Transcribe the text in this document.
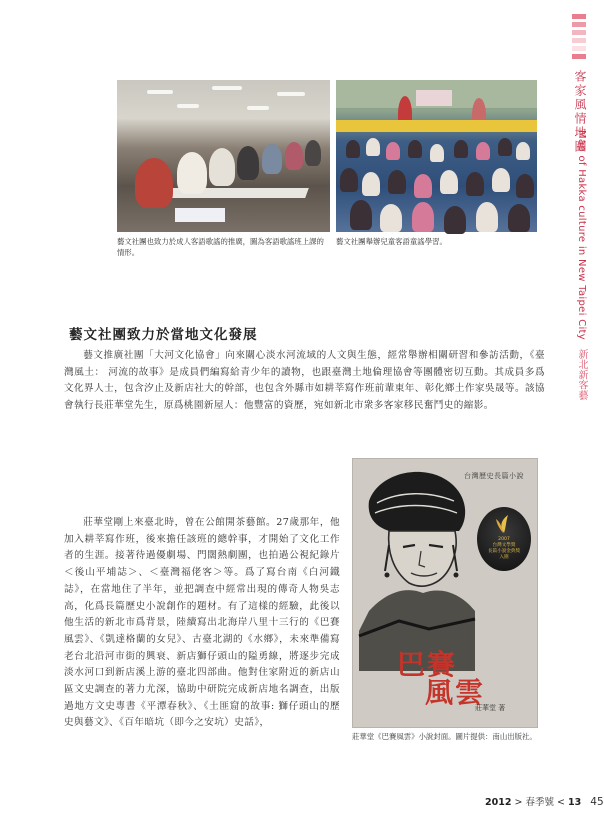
客家風情地圖
Map of Hakka culture in New Taipei City 新北新客藝
藝文社團也致力於成人客語歌謠的推廣，圖為客語歌謠班上課的情形。
藝文社團舉辦兒童客語童謠學習。
藝文社團致力於當地文化發展

藝文推廣社團「大河文化協會」向來關心淡水河流域的人文與生態，經常舉辦相關研習和參訪活動，《臺灣風土： 河流的故事》是成員們編寫給青少年的讀物，也跟臺灣土地倫理協會等團體密切互動。其成員多爲文化界人士，包含汐止及新店社大的幹部，也包含外縣市如耕莘寫作班前輩東年、彰化鄉土作家吳晟等。該協會執行長莊華堂先生，原爲桃園新屋人：他豐富的資歷，宛如新北市衆多客家移民奮鬥史的縮影。

莊華堂剛上來臺北時，曾在公館開茶藝館。27歲那年，他加入耕莘寫作班，後來擔任該班的總幹事，才開始了文化工作者的生涯。接著待過優劇場、門闊熱劇團，也拍過公視紀錄片＜後山平埔誌＞、＜臺灣福佬客＞等。爲了寫台南《白河鐵誌》，在當地住了半年，並把調查中經常出現的傳奇人物吳志高，化爲長篇歷史小說創作的題材。有了這樣的經驗，此後以他生活的新北市爲背景，陸續寫出北海岸八里十三行的《巴賽風雲》、《凱達格蘭的女兒》、古臺北湖的《水鄉》，未來準備寫老台北沿河市街的興衰、新店獅仔頭山的隘勇線，將逐步完成淡水河口到新店溪上游的臺北四部曲。他對住家附近的新店山區文史調查的著力尤深，協助中研院完成新店地名調查，出版過地方文史專書《平潭春秋》、《土匪窟的故事: 獅仔頭山的歷史與藝文》、《百年暗坑（即今之安坑）史話》，

台灣歷史長篇小說
2007
台灣文學獎
長篇小說金典獎
入圍
巴賽
風雲
莊華堂 著
莊華堂《巴賽風雲》小說封面。圖片提供：南山出版社。
2012 > 春季號 < 13 45
